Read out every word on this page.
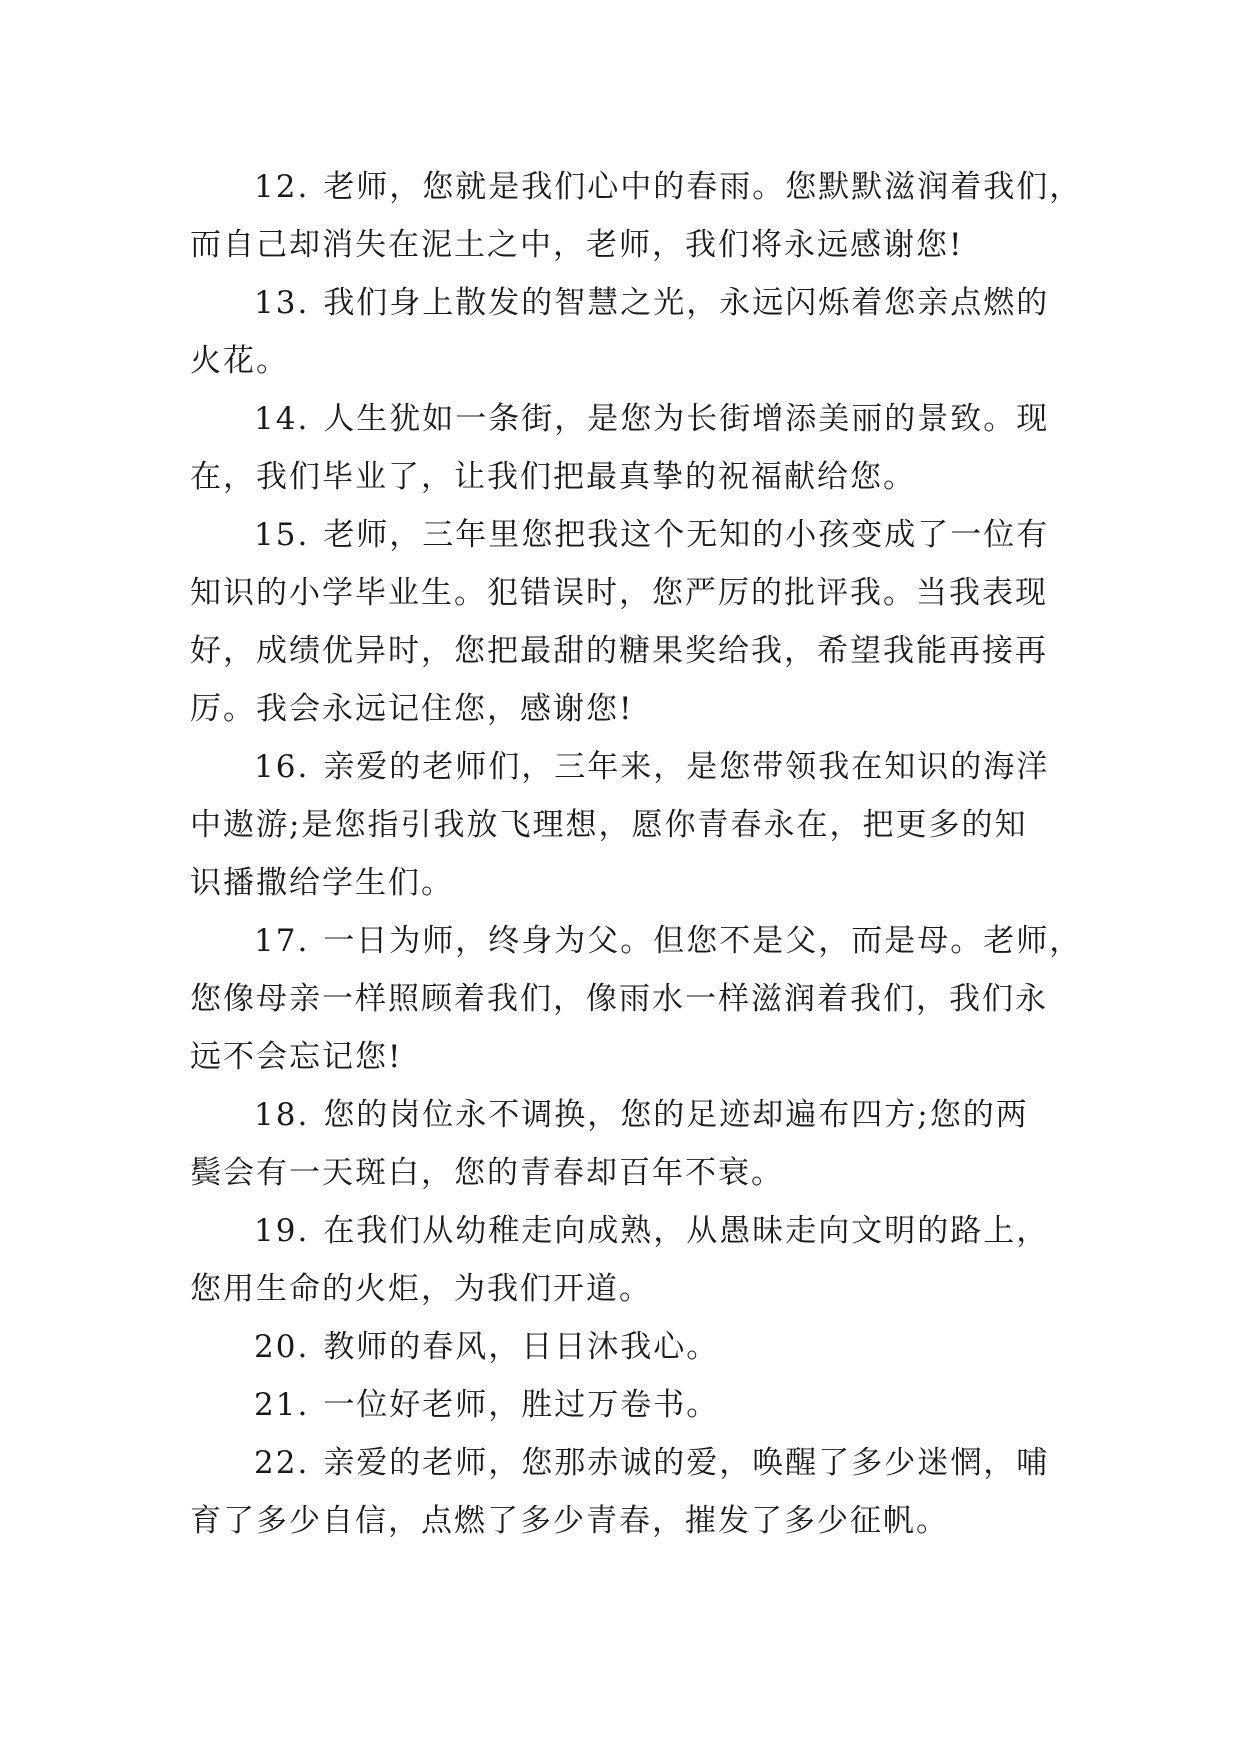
12. 老师，您就是我们心中的春雨。您默默滋润着我们，
而自己却消失在泥土之中，老师，我们将永远感谢您!

13. 我们身上散发的智慧之光，永远闪烁着您亲点燃的
火花。

14. 人生犹如一条街，是您为长街增添美丽的景致。现
在，我们毕业了，让我们把最真挚的祝福献给您。

15. 老师，三年里您把我这个无知的小孩变成了一位有
知识的小学毕业生。犯错误时，您严厉的批评我。当我表现
好，成绩优异时，您把最甜的糖果奖给我，希望我能再接再
厉。我会永远记住您，感谢您!

16. 亲爱的老师们，三年来，是您带领我在知识的海洋
中遨游;是您指引我放飞理想，愿你青春永在，把更多的知
识播撒给学生们。

17. 一日为师，终身为父。但您不是父，而是母。老师，
您像母亲一样照顾着我们，像雨水一样滋润着我们，我们永
远不会忘记您!

18. 您的岗位永不调换，您的足迹却遍布四方;您的两
鬓会有一天斑白，您的青春却百年不衰。

19. 在我们从幼稚走向成熟，从愚昧走向文明的路上，
您用生命的火炬，为我们开道。

20. 教师的春风，日日沐我心。

21. 一位好老师，胜过万卷书。

22. 亲爱的老师，您那赤诚的爱，唤醒了多少迷惘，哺
育了多少自信，点燃了多少青春，摧发了多少征帆。
